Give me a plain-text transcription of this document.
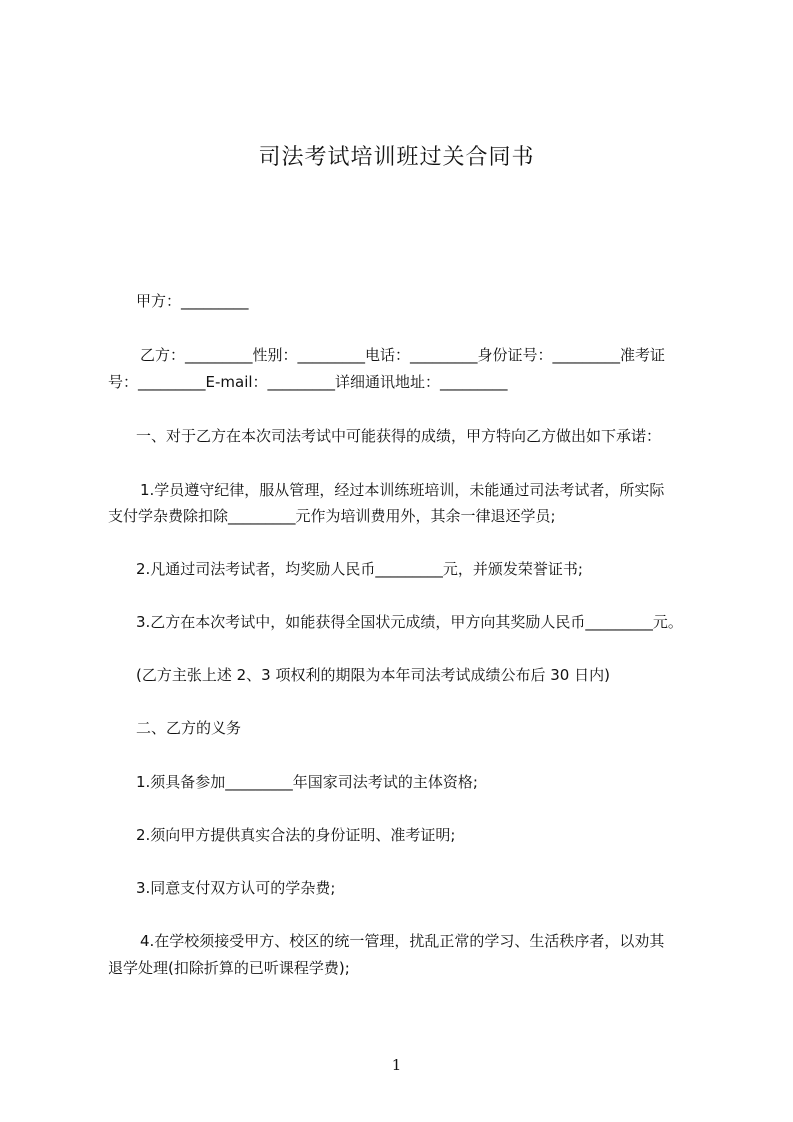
司法考试培训班过关合同书
甲方：_________
乙方：_________性别：_________电话：_________身份证号：_________准考证
号：_________E-mail：_________详细通讯地址：_________
一、对于乙方在本次司法考试中可能获得的成绩，甲方特向乙方做出如下承诺：
1.学员遵守纪律，服从管理，经过本训练班培训，未能通过司法考试者，所实际
支付学杂费除扣除_________元作为培训费用外，其余一律退还学员;
2.凡通过司法考试者，均奖励人民币_________元，并颁发荣誉证书;
3.乙方在本次考试中，如能获得全国状元成绩，甲方向其奖励人民币_________元。
(乙方主张上述 2、3 项权利的期限为本年司法考试成绩公布后 30 日内)
二、乙方的义务
1.须具备参加_________年国家司法考试的主体资格;
2.须向甲方提供真实合法的身份证明、准考证明;
3.同意支付双方认可的学杂费;
4.在学校须接受甲方、校区的统一管理，扰乱正常的学习、生活秩序者，以劝其
退学处理(扣除折算的已听课程学费);
1
